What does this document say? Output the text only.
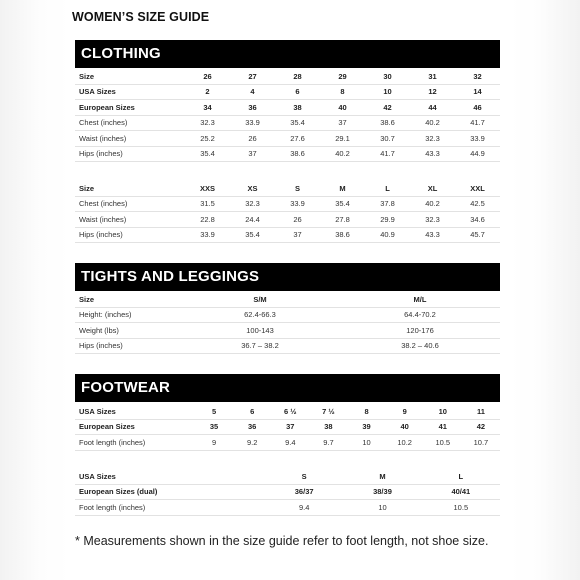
WOMEN’S SIZE GUIDE
CLOTHING
Size	26	27	28	29	30	31	32
USA Sizes	2	4	6	8	10	12	14
European Sizes	34	36	38	40	42	44	46
Chest (inches)	32.3	33.9	35.4	37	38.6	40.2	41.7
Waist (inches)	25.2	26	27.6	29.1	30.7	32.3	33.9
Hips (inches)	35.4	37	38.6	40.2	41.7	43.3	44.9
Size	XXS	XS	S	M	L	XL	XXL
Chest (inches)	31.5	32.3	33.9	35.4	37.8	40.2	42.5
Waist (inches)	22.8	24.4	26	27.8	29.9	32.3	34.6
Hips (inches)	33.9	35.4	37	38.6	40.9	43.3	45.7
TIGHTS AND LEGGINGS
Size	S/M	M/L
Height: (inches)	62.4-66.3	64.4-70.2
Weight (lbs)	100-143	120-176
Hips (inches)	36.7 – 38.2	38.2 – 40.6
FOOTWEAR
USA Sizes	5	6	6 ½	7 ½	8	9	10	11
European Sizes	35	36	37	38	39	40	41	42
Foot length (inches)	9	9.2	9.4	9.7	10	10.2	10.5	10.7
USA Sizes	S	M	L
European Sizes (dual)	36/37	38/39	40/41
Foot length (inches)	9.4	10	10.5
* Measurements shown in the size guide refer to foot length, not shoe size.
